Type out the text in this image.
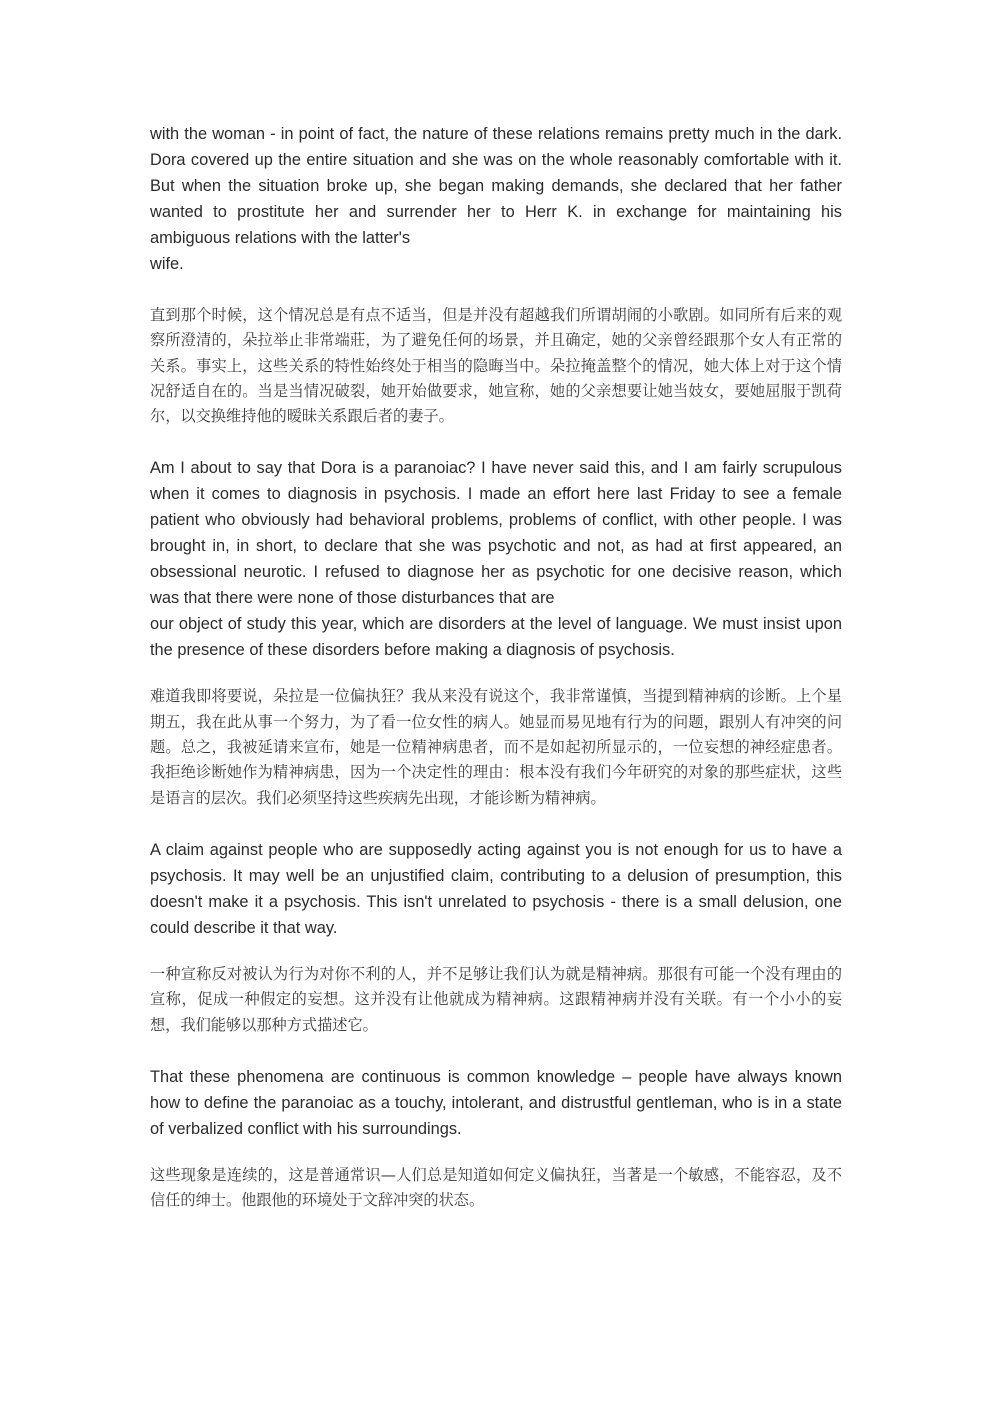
with the woman - in point of fact, the nature of these relations remains pretty much in the dark. Dora covered up the entire situation and she was on the whole reasonably comfortable with it. But when the situation broke up, she began making demands, she declared that her father wanted to prostitute her and surrender her to Herr K. in exchange for maintaining his ambiguous relations with the latter's
wife.

直到那个时候，这个情况总是有点不适当，但是并没有超越我们所谓胡闹的小歌剧。如同所有后来的观察所澄清的，朵拉举止非常端莊，为了避免任何的场景，并且确定，她的父亲曾经跟那个女人有正常的关系。事实上，这些关系的特性始终处于相当的隐晦当中。朵拉掩盖整个的情况，她大体上对于这个情况舒适自在的。当是当情况破裂，她开始做要求，她宣称，她的父亲想要让她当妓女，要她屈服于凯荷尔，以交换维持他的暧昧关系跟后者的妻子。

Am I about to say that Dora is a paranoiac? I have never said this, and I am fairly scrupulous when it comes to diagnosis in psychosis. I made an effort here last Friday to see a female patient who obviously had behavioral problems, problems of conflict, with other people. I was brought in, in short, to declare that she was psychotic and not, as had at first appeared, an obsessional neurotic. I refused to diagnose her as psychotic for one decisive reason, which was that there were none of those disturbances that are
our object of study this year, which are disorders at the level of language. We must insist upon the presence of these disorders before making a diagnosis of psychosis.

难道我即将要说，朵拉是一位偏执狂？我从来没有说这个，我非常谨慎，当提到精神病的诊断。上个星期五，我在此从事一个努力，为了看一位女性的病人。她显而易见地有行为的问题，跟别人有冲突的问题。总之，我被延请来宣布，她是一位精神病患者，而不是如起初所显示的，一位妄想的神经症患者。我拒绝诊断她作为精神病患，因为一个决定性的理由：根本没有我们今年研究的对象的那些症状，这些是语言的层次。我们必须坚持这些疾病先出现，才能诊断为精神病。

A claim against people who are supposedly acting against you is not enough for us to have a psychosis. It may well be an unjustified claim, contributing to a delusion of presumption, this doesn't make it a psychosis. This isn't unrelated to psychosis - there is a small delusion, one could describe it that way.

一种宣称反对被认为行为对你不利的人，并不足够让我们认为就是精神病。那很有可能一个没有理由的宣称，促成一种假定的妄想。这并没有让他就成为精神病。这跟精神病并没有关联。有一个小小的妄想，我们能够以那种方式描述它。

That these phenomena are continuous is common knowledge – people have always known how to define the paranoiac as a touchy, intolerant, and distrustful gentleman, who is in a state of verbalized conflict with his surroundings.

这些现象是连续的，这是普通常识—人们总是知道如何定义偏执狂，当著是一个敏感，不能容忍，及不信任的绅士。他跟他的环境处于文辞冲突的状态。
